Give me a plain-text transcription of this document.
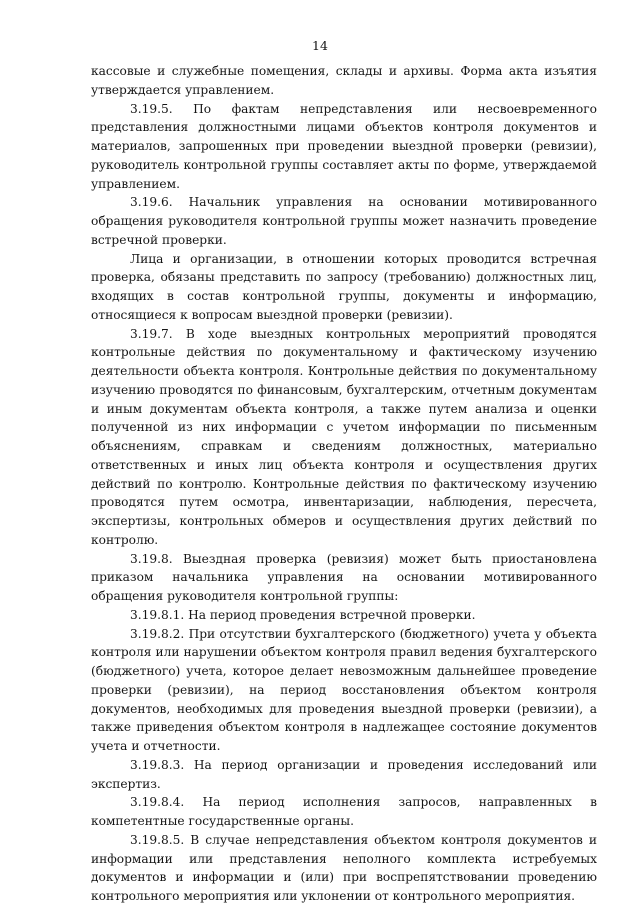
14

кассовые и служебные помещения, склады и архивы. Форма акта изъятия утверждается управлением.

3.19.5. По фактам непредставления или несвоевременного представления должностными лицами объектов контроля документов и материалов, запрошенных при проведении выездной проверки (ревизии), руководитель контрольной группы составляет акты по форме, утверждаемой управлением.

3.19.6. Начальник управления на основании мотивированного обращения руководителя контрольной группы может назначить проведение встречной проверки.

Лица и организации, в отношении которых проводится встречная проверка, обязаны представить по запросу (требованию) должностных лиц, входящих в состав контрольной группы, документы и информацию, относящиеся к вопросам выездной проверки (ревизии).

3.19.7. В ходе выездных контрольных мероприятий проводятся контрольные действия по документальному и фактическому изучению деятельности объекта контроля. Контрольные действия по документальному изучению проводятся по финансовым, бухгалтерским, отчетным документам и иным документам объекта контроля, а также путем анализа и оценки полученной из них информации с учетом информации по письменным объяснениям, справкам и сведениям должностных, материально ответственных и иных лиц объекта контроля и осуществления других действий по контролю. Контрольные действия по фактическому изучению проводятся путем осмотра, инвентаризации, наблюдения, пересчета, экспертизы, контрольных обмеров и осуществления других действий по контролю.

3.19.8. Выездная проверка (ревизия) может быть приостановлена приказом начальника управления на основании мотивированного обращения руководителя контрольной группы:

3.19.8.1. На период проведения встречной проверки.

3.19.8.2. При отсутствии бухгалтерского (бюджетного) учета у объекта контроля или нарушении объектом контроля правил ведения бухгалтерского (бюджетного) учета, которое делает невозможным дальнейшее проведение проверки (ревизии), на период восстановления объектом контроля документов, необходимых для проведения выездной проверки (ревизии), а также приведения объектом контроля в надлежащее состояние документов учета и отчетности.

3.19.8.3. На период организации и проведения исследований или экспертиз.

3.19.8.4. На период исполнения запросов, направленных в компетентные государственные органы.

3.19.8.5. В случае непредставления объектом контроля документов и информации или представления неполного комплекта истребуемых документов и информации и (или) при воспрепятствовании проведению контрольного мероприятия или уклонении от контрольного мероприятия.
